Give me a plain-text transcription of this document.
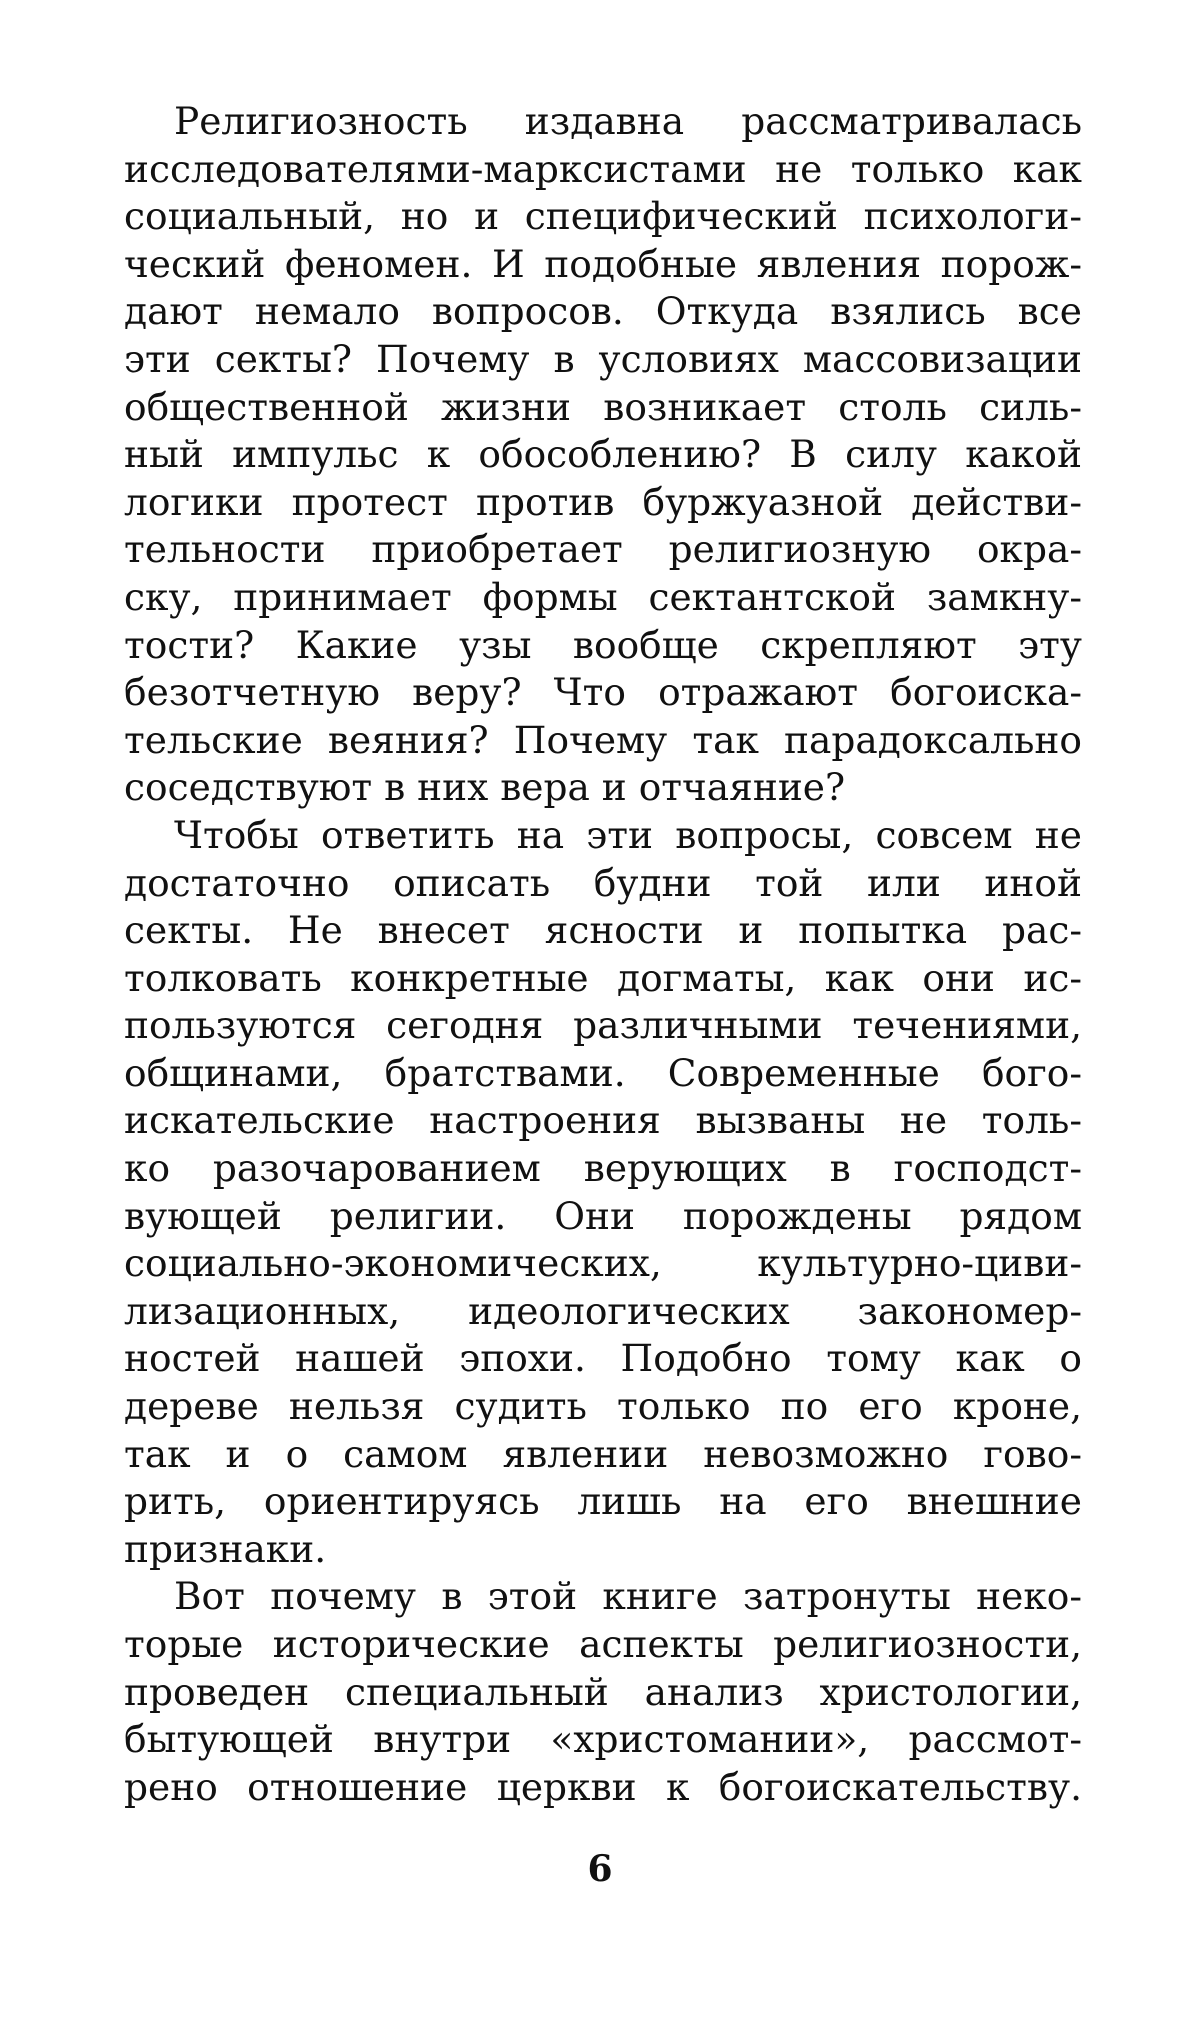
Религиозность издавна рассматривалась
исследователями-марксистами не только как
социальный, но и специфический психологи-
ческий феномен. И подобные явления порож-
дают немало вопросов. Откуда взялись все
эти секты? Почему в условиях массовизации
общественной жизни возникает столь силь-
ный импульс к обособлению? В силу какой
логики протест против буржуазной действи-
тельности приобретает религиозную окра-
ску, принимает формы сектантской замкну-
тости? Какие узы вообще скрепляют эту
безотчетную веру? Что отражают богоиска-
тельские веяния? Почему так парадоксально
соседствуют в них вера и отчаяние?
Чтобы ответить на эти вопросы, совсем не
достаточно описать будни той или иной
секты. Не внесет ясности и попытка рас-
толковать конкретные догматы, как они ис-
пользуются сегодня различными течениями,
общинами, братствами. Современные бого-
искательские настроения вызваны не толь-
ко разочарованием верующих в господст-
вующей религии. Они порождены рядом
социально-экономических, культурно-циви-
лизационных, идеологических закономер-
ностей нашей эпохи. Подобно тому как о
дереве нельзя судить только по его кроне,
так и о самом явлении невозможно гово-
рить, ориентируясь лишь на его внешние
признаки.
Вот почему в этой книге затронуты неко-
торые исторические аспекты религиозности,
проведен специальный анализ христологии,
бытующей внутри «христомании», рассмот-
рено отношение церкви к богоискательству.
6
